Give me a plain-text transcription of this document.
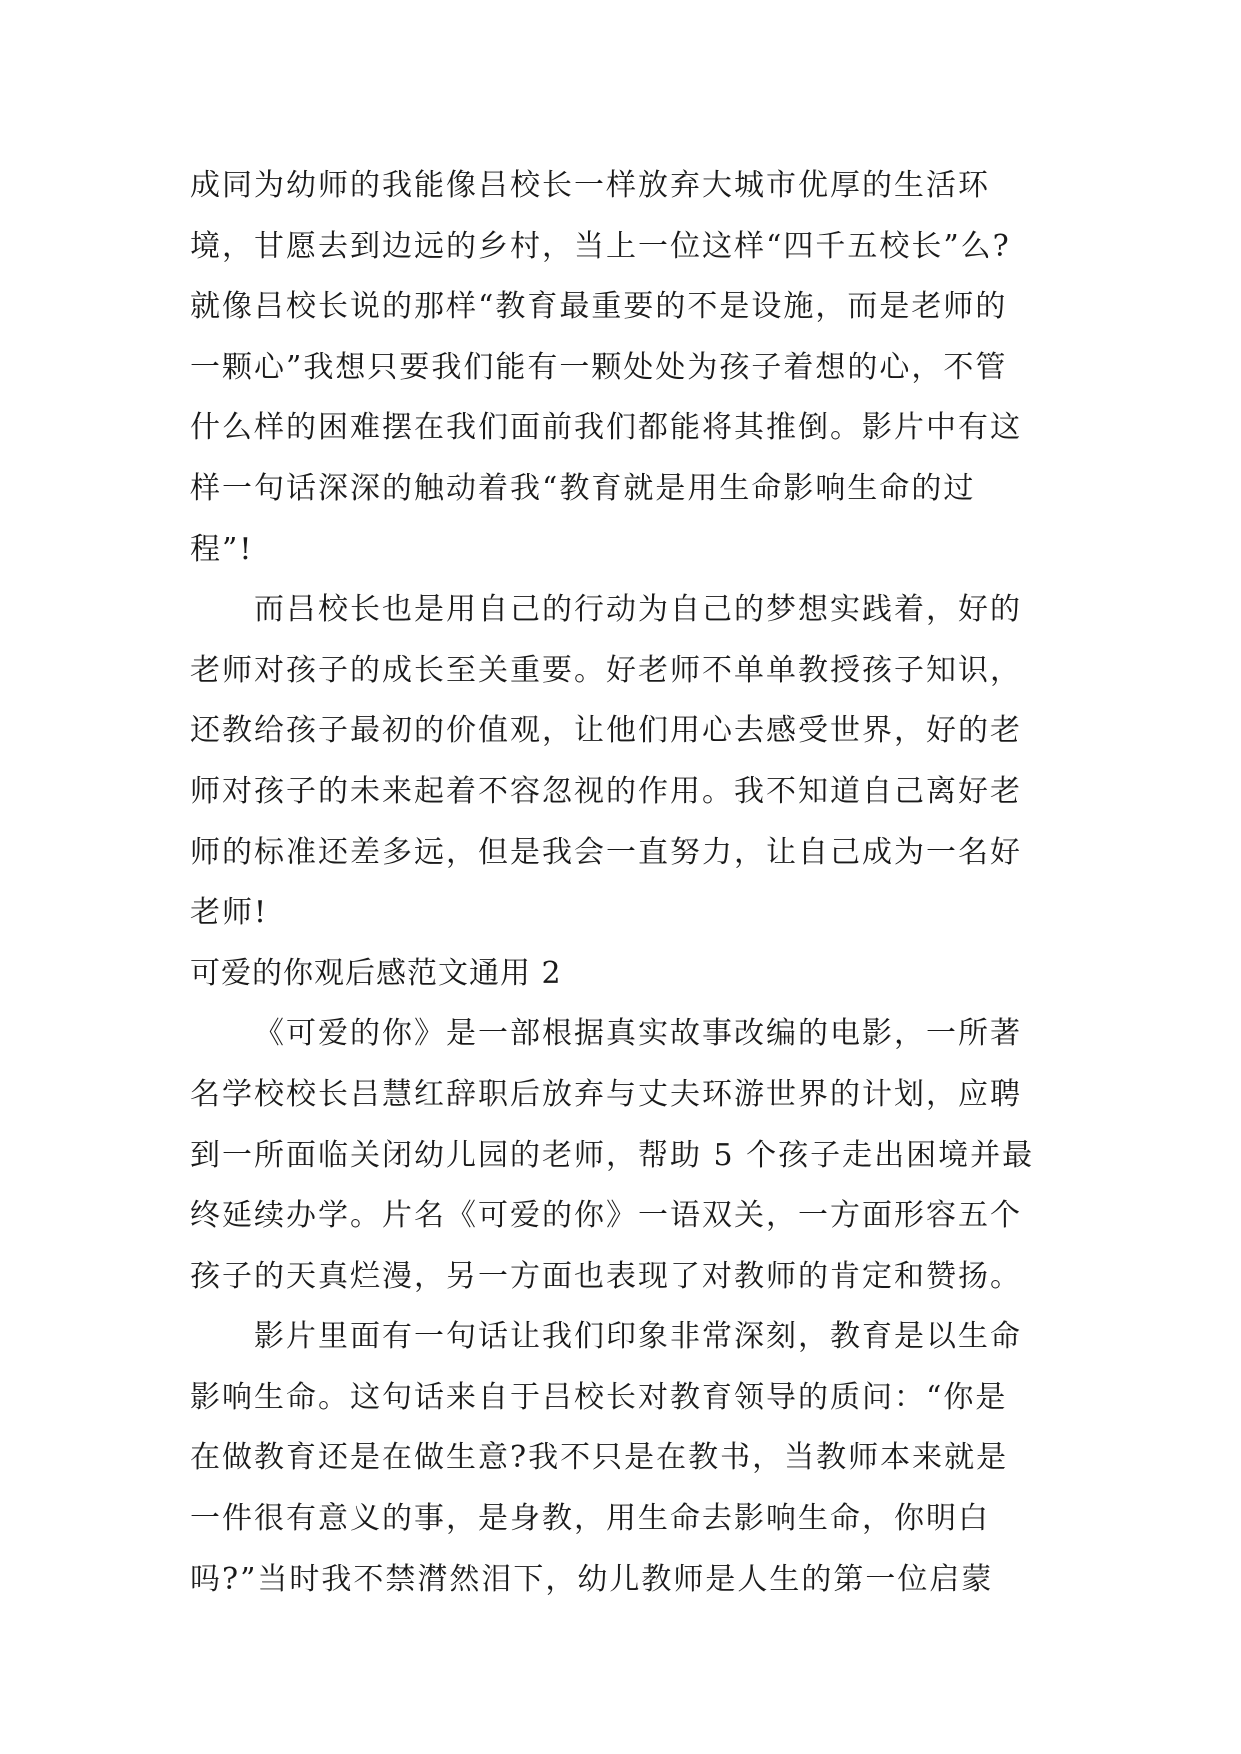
成同为幼师的我能像吕校长一样放弃大城市优厚的生活环
境，甘愿去到边远的乡村，当上一位这样“四千五校长”么?
就像吕校长说的那样“教育最重要的不是设施，而是老师的
一颗心”我想只要我们能有一颗处处为孩子着想的心，不管
什么样的困难摆在我们面前我们都能将其推倒。影片中有这
样一句话深深的触动着我“教育就是用生命影响生命的过
程”!
而吕校长也是用自己的行动为自己的梦想实践着，好的
老师对孩子的成长至关重要。好老师不单单教授孩子知识，
还教给孩子最初的价值观，让他们用心去感受世界，好的老
师对孩子的未来起着不容忽视的作用。我不知道自己离好老
师的标准还差多远，但是我会一直努力，让自己成为一名好
老师!
可爱的你观后感范文通用 2
《可爱的你》是一部根据真实故事改编的电影，一所著
名学校校长吕慧红辞职后放弃与丈夫环游世界的计划，应聘
到一所面临关闭幼儿园的老师，帮助 5 个孩子走出困境并最
终延续办学。片名《可爱的你》一语双关，一方面形容五个
孩子的天真烂漫，另一方面也表现了对教师的肯定和赞扬。
影片里面有一句话让我们印象非常深刻，教育是以生命
影响生命。这句话来自于吕校长对教育领导的质问：“你是
在做教育还是在做生意?我不只是在教书，当教师本来就是
一件很有意义的事，是身教，用生命去影响生命，你明白
吗?”当时我不禁潸然泪下，幼儿教师是人生的第一位启蒙
